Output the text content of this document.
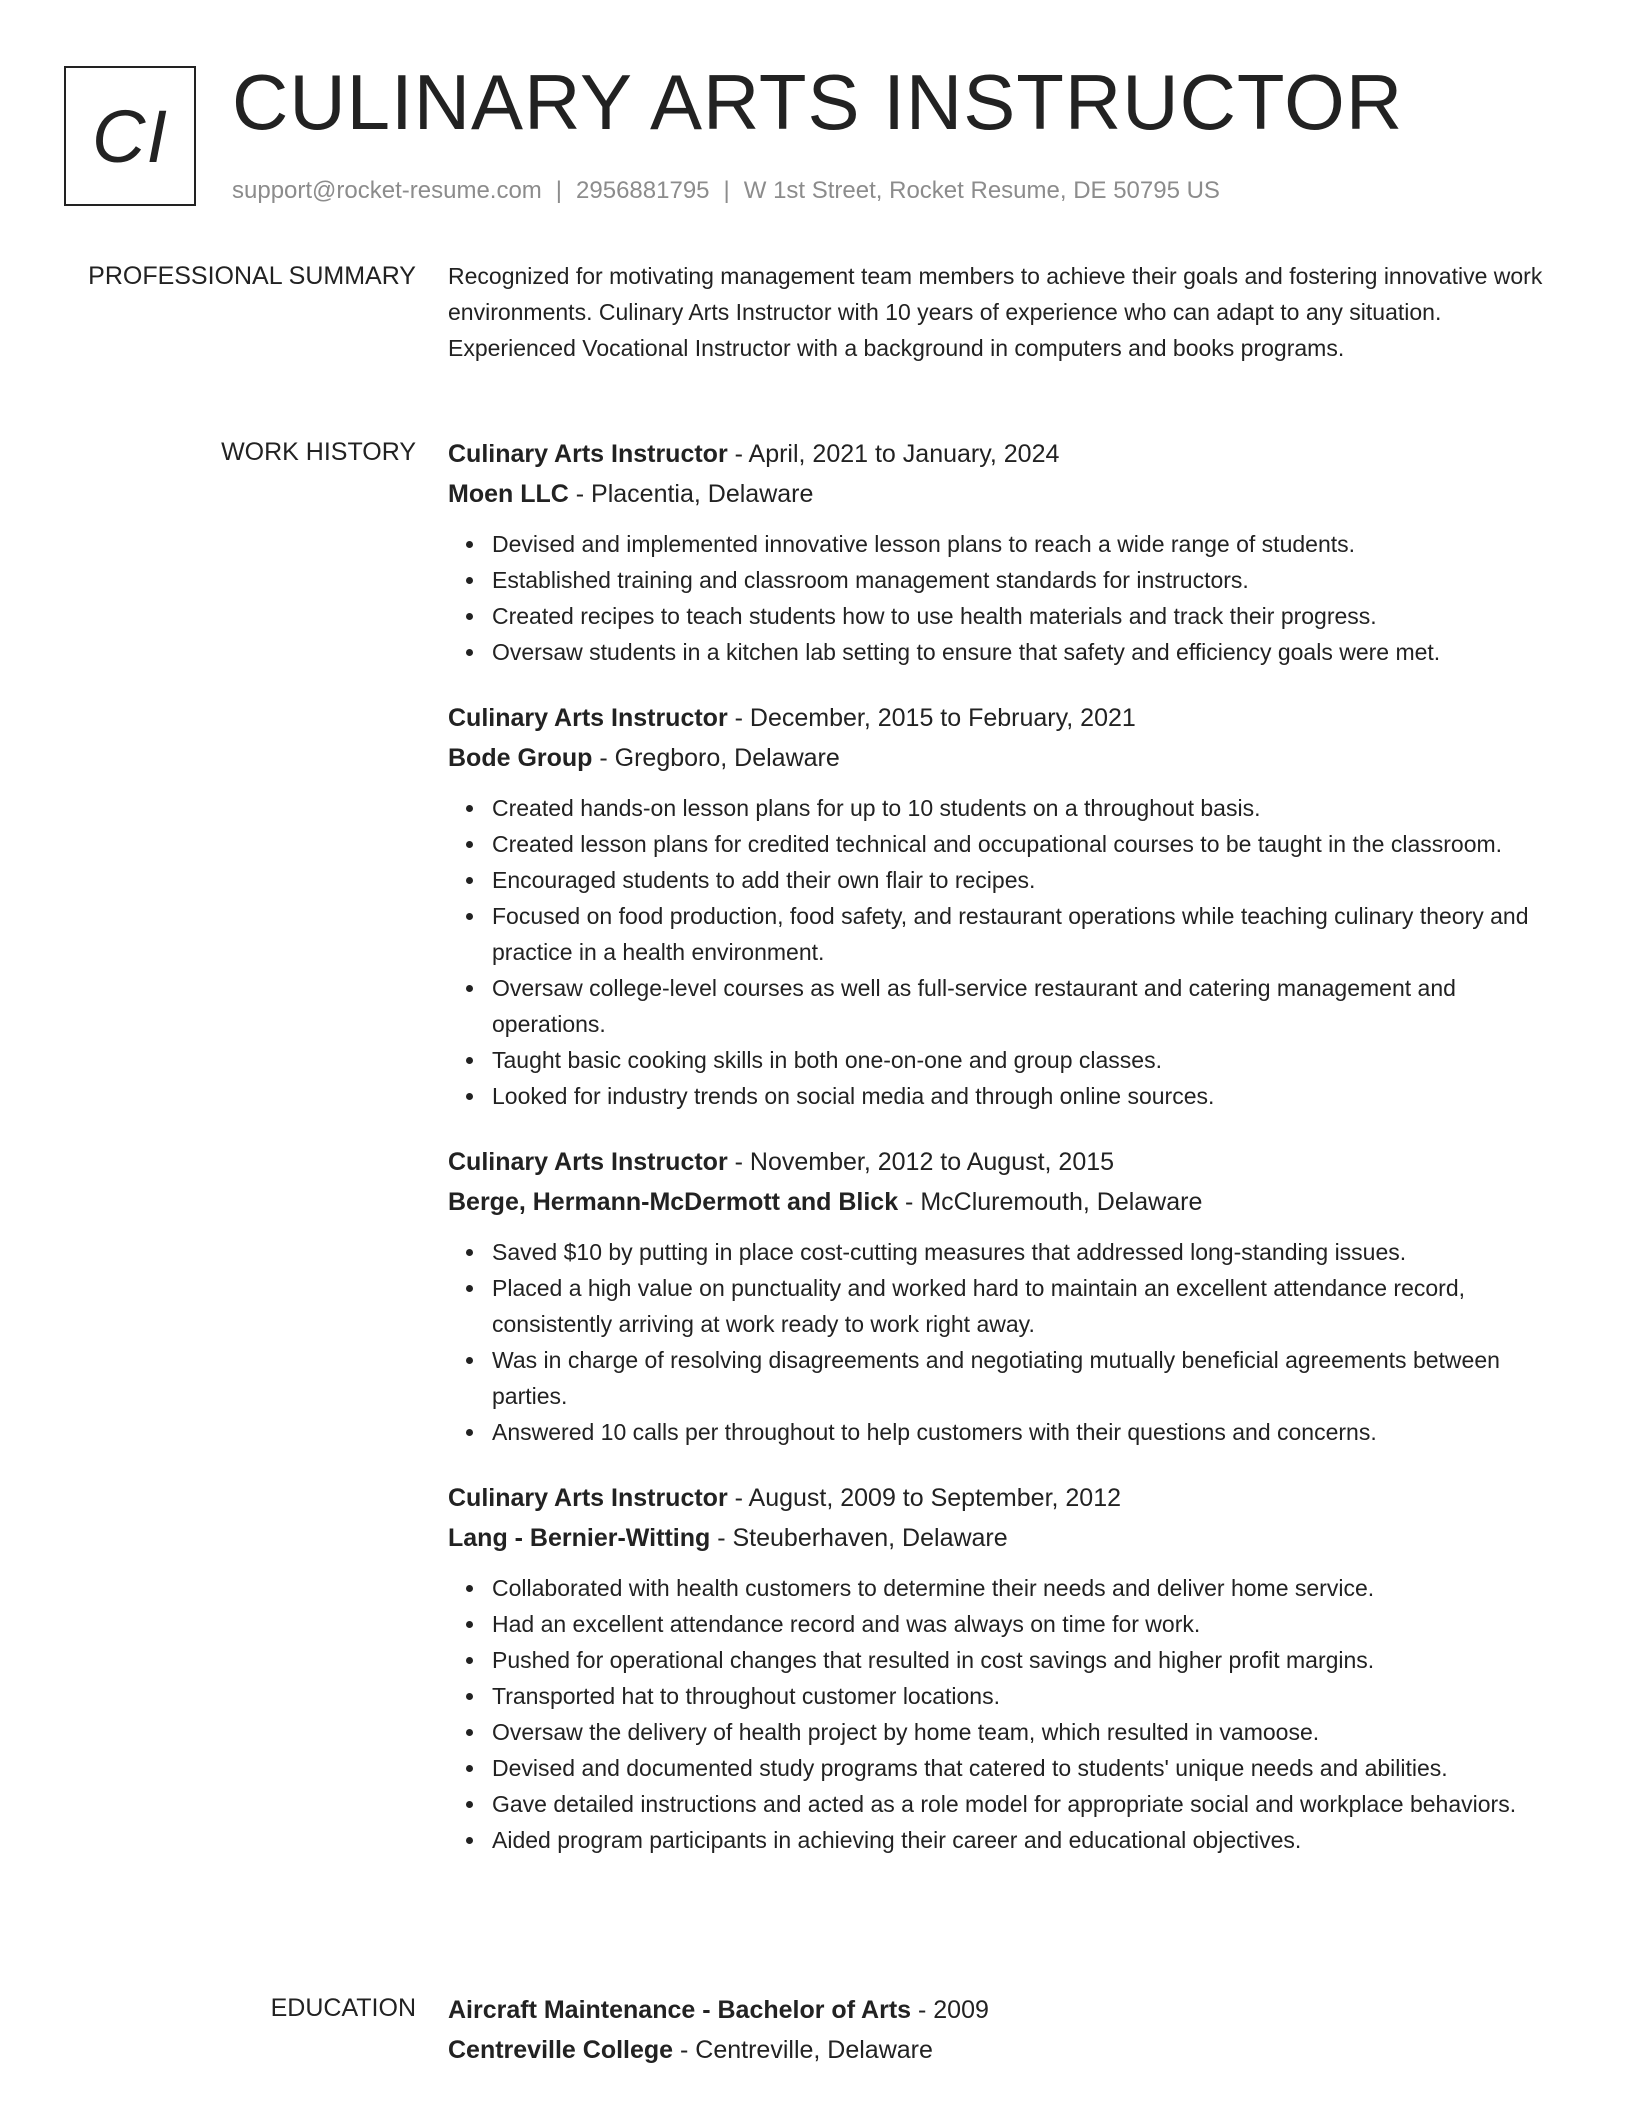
CI CULINARY ARTS INSTRUCTOR
support@rocket-resume.com | 2956881795 | W 1st Street, Rocket Resume, DE 50795 US
PROFESSIONAL SUMMARY Recognized for motivating management team members to achieve their goals and fostering innovative work environments. Culinary Arts Instructor with 10 years of experience who can adapt to any situation. Experienced Vocational Instructor with a background in computers and books programs.

WORK HISTORY Culinary Arts Instructor - April, 2021 to January, 2024
Moen LLC - Placentia, Delaware
Devised and implemented innovative lesson plans to reach a wide range of students.
Established training and classroom management standards for instructors.
Created recipes to teach students how to use health materials and track their progress.
Oversaw students in a kitchen lab setting to ensure that safety and efficiency goals were met.
Culinary Arts Instructor - December, 2015 to February, 2021
Bode Group - Gregboro, Delaware
Created hands-on lesson plans for up to 10 students on a throughout basis.
Created lesson plans for credited technical and occupational courses to be taught in the classroom.
Encouraged students to add their own flair to recipes.
Focused on food production, food safety, and restaurant operations while teaching culinary theory and practice in a health environment.
Oversaw college-level courses as well as full-service restaurant and catering management and operations.
Taught basic cooking skills in both one-on-one and group classes.
Looked for industry trends on social media and through online sources.
Culinary Arts Instructor - November, 2012 to August, 2015
Berge, Hermann-McDermott and Blick - McCluremouth, Delaware
Saved $10 by putting in place cost-cutting measures that addressed long-standing issues.
Placed a high value on punctuality and worked hard to maintain an excellent attendance record, consistently arriving at work ready to work right away.
Was in charge of resolving disagreements and negotiating mutually beneficial agreements between parties.
Answered 10 calls per throughout to help customers with their questions and concerns.
Culinary Arts Instructor - August, 2009 to September, 2012
Lang - Bernier-Witting - Steuberhaven, Delaware
Collaborated with health customers to determine their needs and deliver home service.
Had an excellent attendance record and was always on time for work.
Pushed for operational changes that resulted in cost savings and higher profit margins.
Transported hat to throughout customer locations.
Oversaw the delivery of health project by home team, which resulted in vamoose.
Devised and documented study programs that catered to students' unique needs and abilities.
Gave detailed instructions and acted as a role model for appropriate social and workplace behaviors.
Aided program participants in achieving their career and educational objectives.
EDUCATION Aircraft Maintenance - Bachelor of Arts - 2009
Centreville College - Centreville, Delaware
